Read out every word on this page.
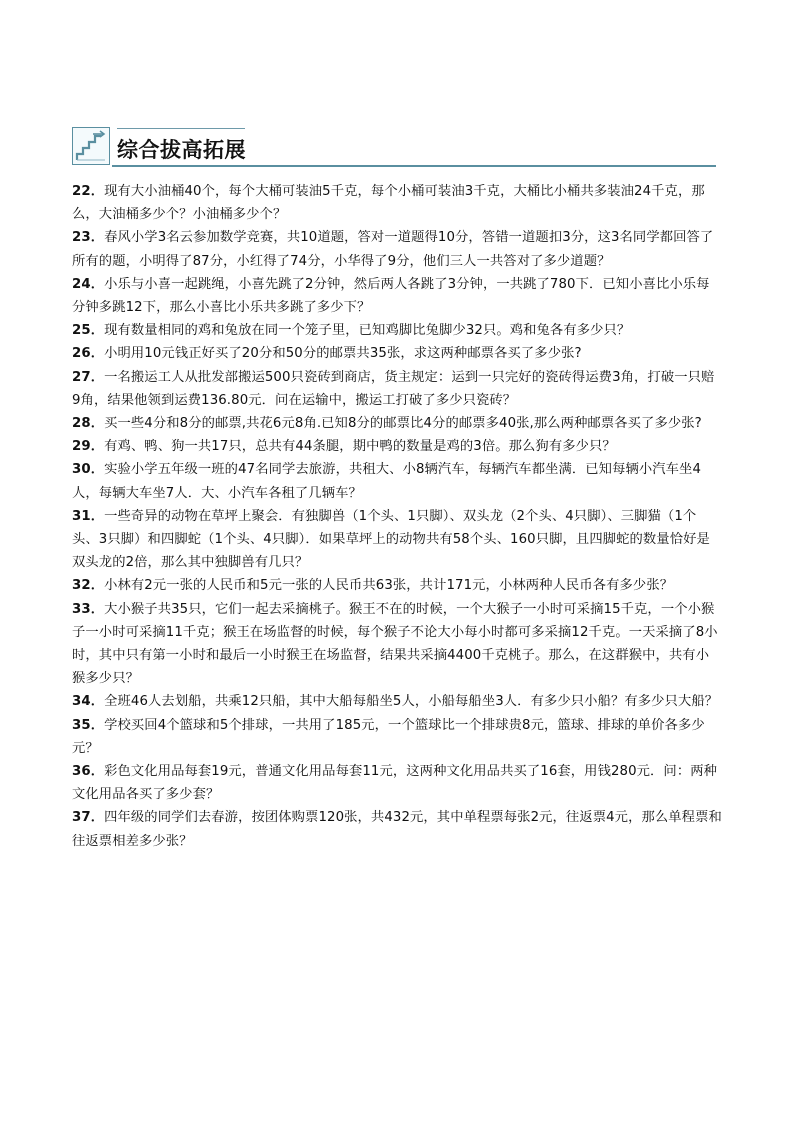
综合拔高拓展

22．现有大小油桶40个，每个大桶可装油5千克，每个小桶可装油3千克，大桶比小桶共多装油24千克，那么，大油桶多少个？小油桶多少个？

23．春风小学3名云参加数学竞赛，共10道题，答对一道题得10分，答错一道题扣3分，这3名同学都回答了所有的题，小明得了87分，小红得了74分，小华得了9分，他们三人一共答对了多少道题？

24．小乐与小喜一起跳绳，小喜先跳了2分钟，然后两人各跳了3分钟，一共跳了780下．已知小喜比小乐每分钟多跳12下，那么小喜比小乐共多跳了多少下？

25．现有数量相同的鸡和兔放在同一个笼子里，已知鸡脚比兔脚少32只。鸡和兔各有多少只？

26．小明用10元钱正好买了20分和50分的邮票共35张，求这两种邮票各买了多少张?

27．一名搬运工人从批发部搬运500只瓷砖到商店，货主规定：运到一只完好的瓷砖得运费3角，打破一只赔9角，结果他领到运费136.80元．问在运输中，搬运工打破了多少只瓷砖？

28．买一些4分和8分的邮票,共花6元8角.已知8分的邮票比4分的邮票多40张,那么两种邮票各买了多少张?

29．有鸡、鸭、狗一共17只，总共有44条腿，期中鸭的数量是鸡的3倍。那么狗有多少只？

30．实验小学五年级一班的47名同学去旅游，共租大、小8辆汽车，每辆汽车都坐满．已知每辆小汽车坐4人，每辆大车坐7人．大、小汽车各租了几辆车？

31．一些奇异的动物在草坪上聚会．有独脚兽（1个头、1只脚）、双头龙（2个头、4只脚）、三脚猫（1个头、3只脚）和四脚蛇（1个头、4只脚）．如果草坪上的动物共有58个头、160只脚，且四脚蛇的数量恰好是双头龙的2倍，那么其中独脚兽有几只？

32．小林有2元一张的人民币和5元一张的人民币共63张，共计171元，小林两种人民币各有多少张？

33．大小猴子共35只，它们一起去采摘桃子。猴王不在的时候，一个大猴子一小时可采摘15千克，一个小猴子一小时可采摘11千克；猴王在场监督的时候，每个猴子不论大小每小时都可多采摘12千克。一天采摘了8小时，其中只有第一小时和最后一小时猴王在场监督，结果共采摘4400千克桃子。那么，在这群猴中，共有小猴多少只？

34．全班46人去划船，共乘12只船，其中大船每船坐5人，小船每船坐3人．有多少只小船？有多少只大船？

35．学校买回4个篮球和5个排球，一共用了185元，一个篮球比一个排球贵8元，篮球、排球的单价各多少元？

36．彩色文化用品每套19元，普通文化用品每套11元，这两种文化用品共买了16套，用钱280元．问：两种文化用品各买了多少套？

37．四年级的同学们去春游，按团体购票120张，共432元，其中单程票每张2元，往返票4元，那么单程票和往返票相差多少张？
